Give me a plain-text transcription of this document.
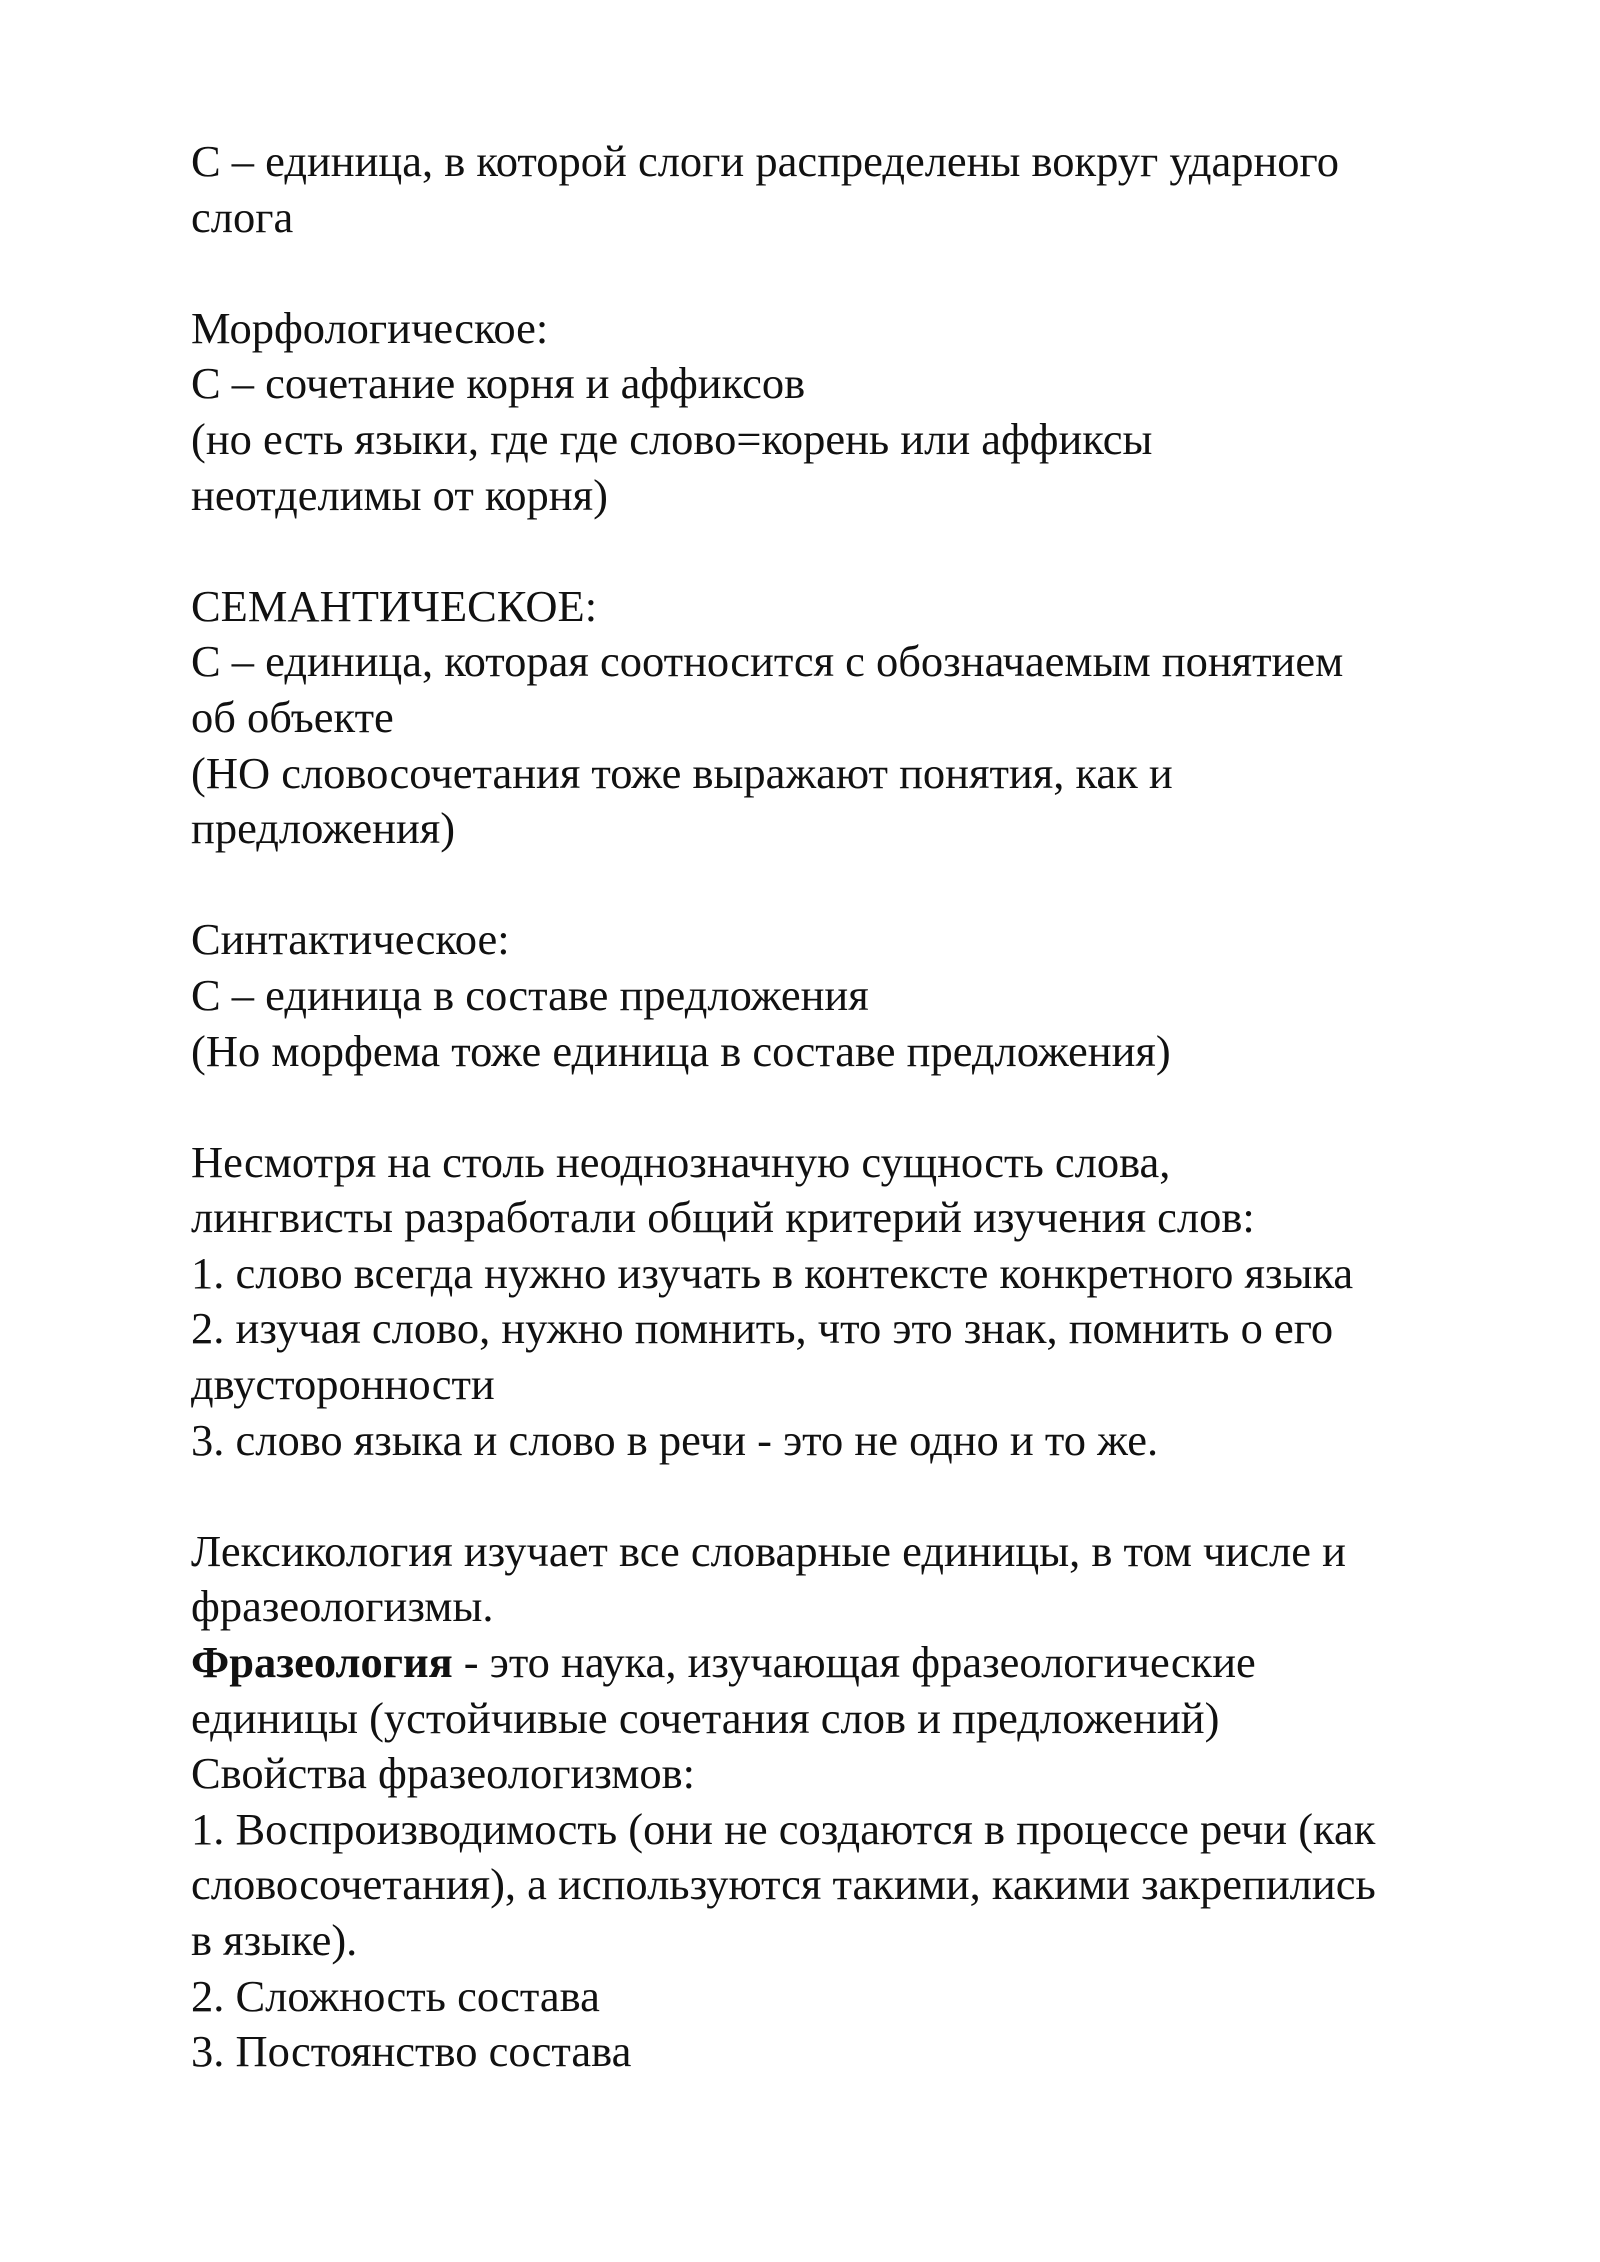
С – единица, в которой слоги распределены вокруг ударного
слога
Морфологическое:
С – сочетание корня и аффиксов
(но есть языки, где где слово=корень или аффиксы
неотделимы от корня)
СЕМАНТИЧЕСКОЕ:
С – единица, которая соотносится с обозначаемым понятием
об объекте
(НО словосочетания тоже выражают понятия, как и
предложения)
Синтактическое:
С – единица в составе предложения
(Но морфема тоже единица в составе предложения)
Несмотря на столь неоднозначную сущность слова,
лингвисты разработали общий критерий изучения слов:
1. слово всегда нужно изучать в контексте конкретного языка
2. изучая слово, нужно помнить, что это знак, помнить о его
двусторонности
3. слово языка и слово в речи - это не одно и то же.
Лексикология изучает все словарные единицы, в том числе и
фразеологизмы.
Фразеология - это наука, изучающая фразеологические
единицы (устойчивые сочетания слов и предложений)
Свойства фразеологизмов:
1. Воспроизводимость (они не создаются в процессе речи (как
словосочетания), а используются такими, какими закрепились
в языке).
2. Сложность состава
3. Постоянство состава
